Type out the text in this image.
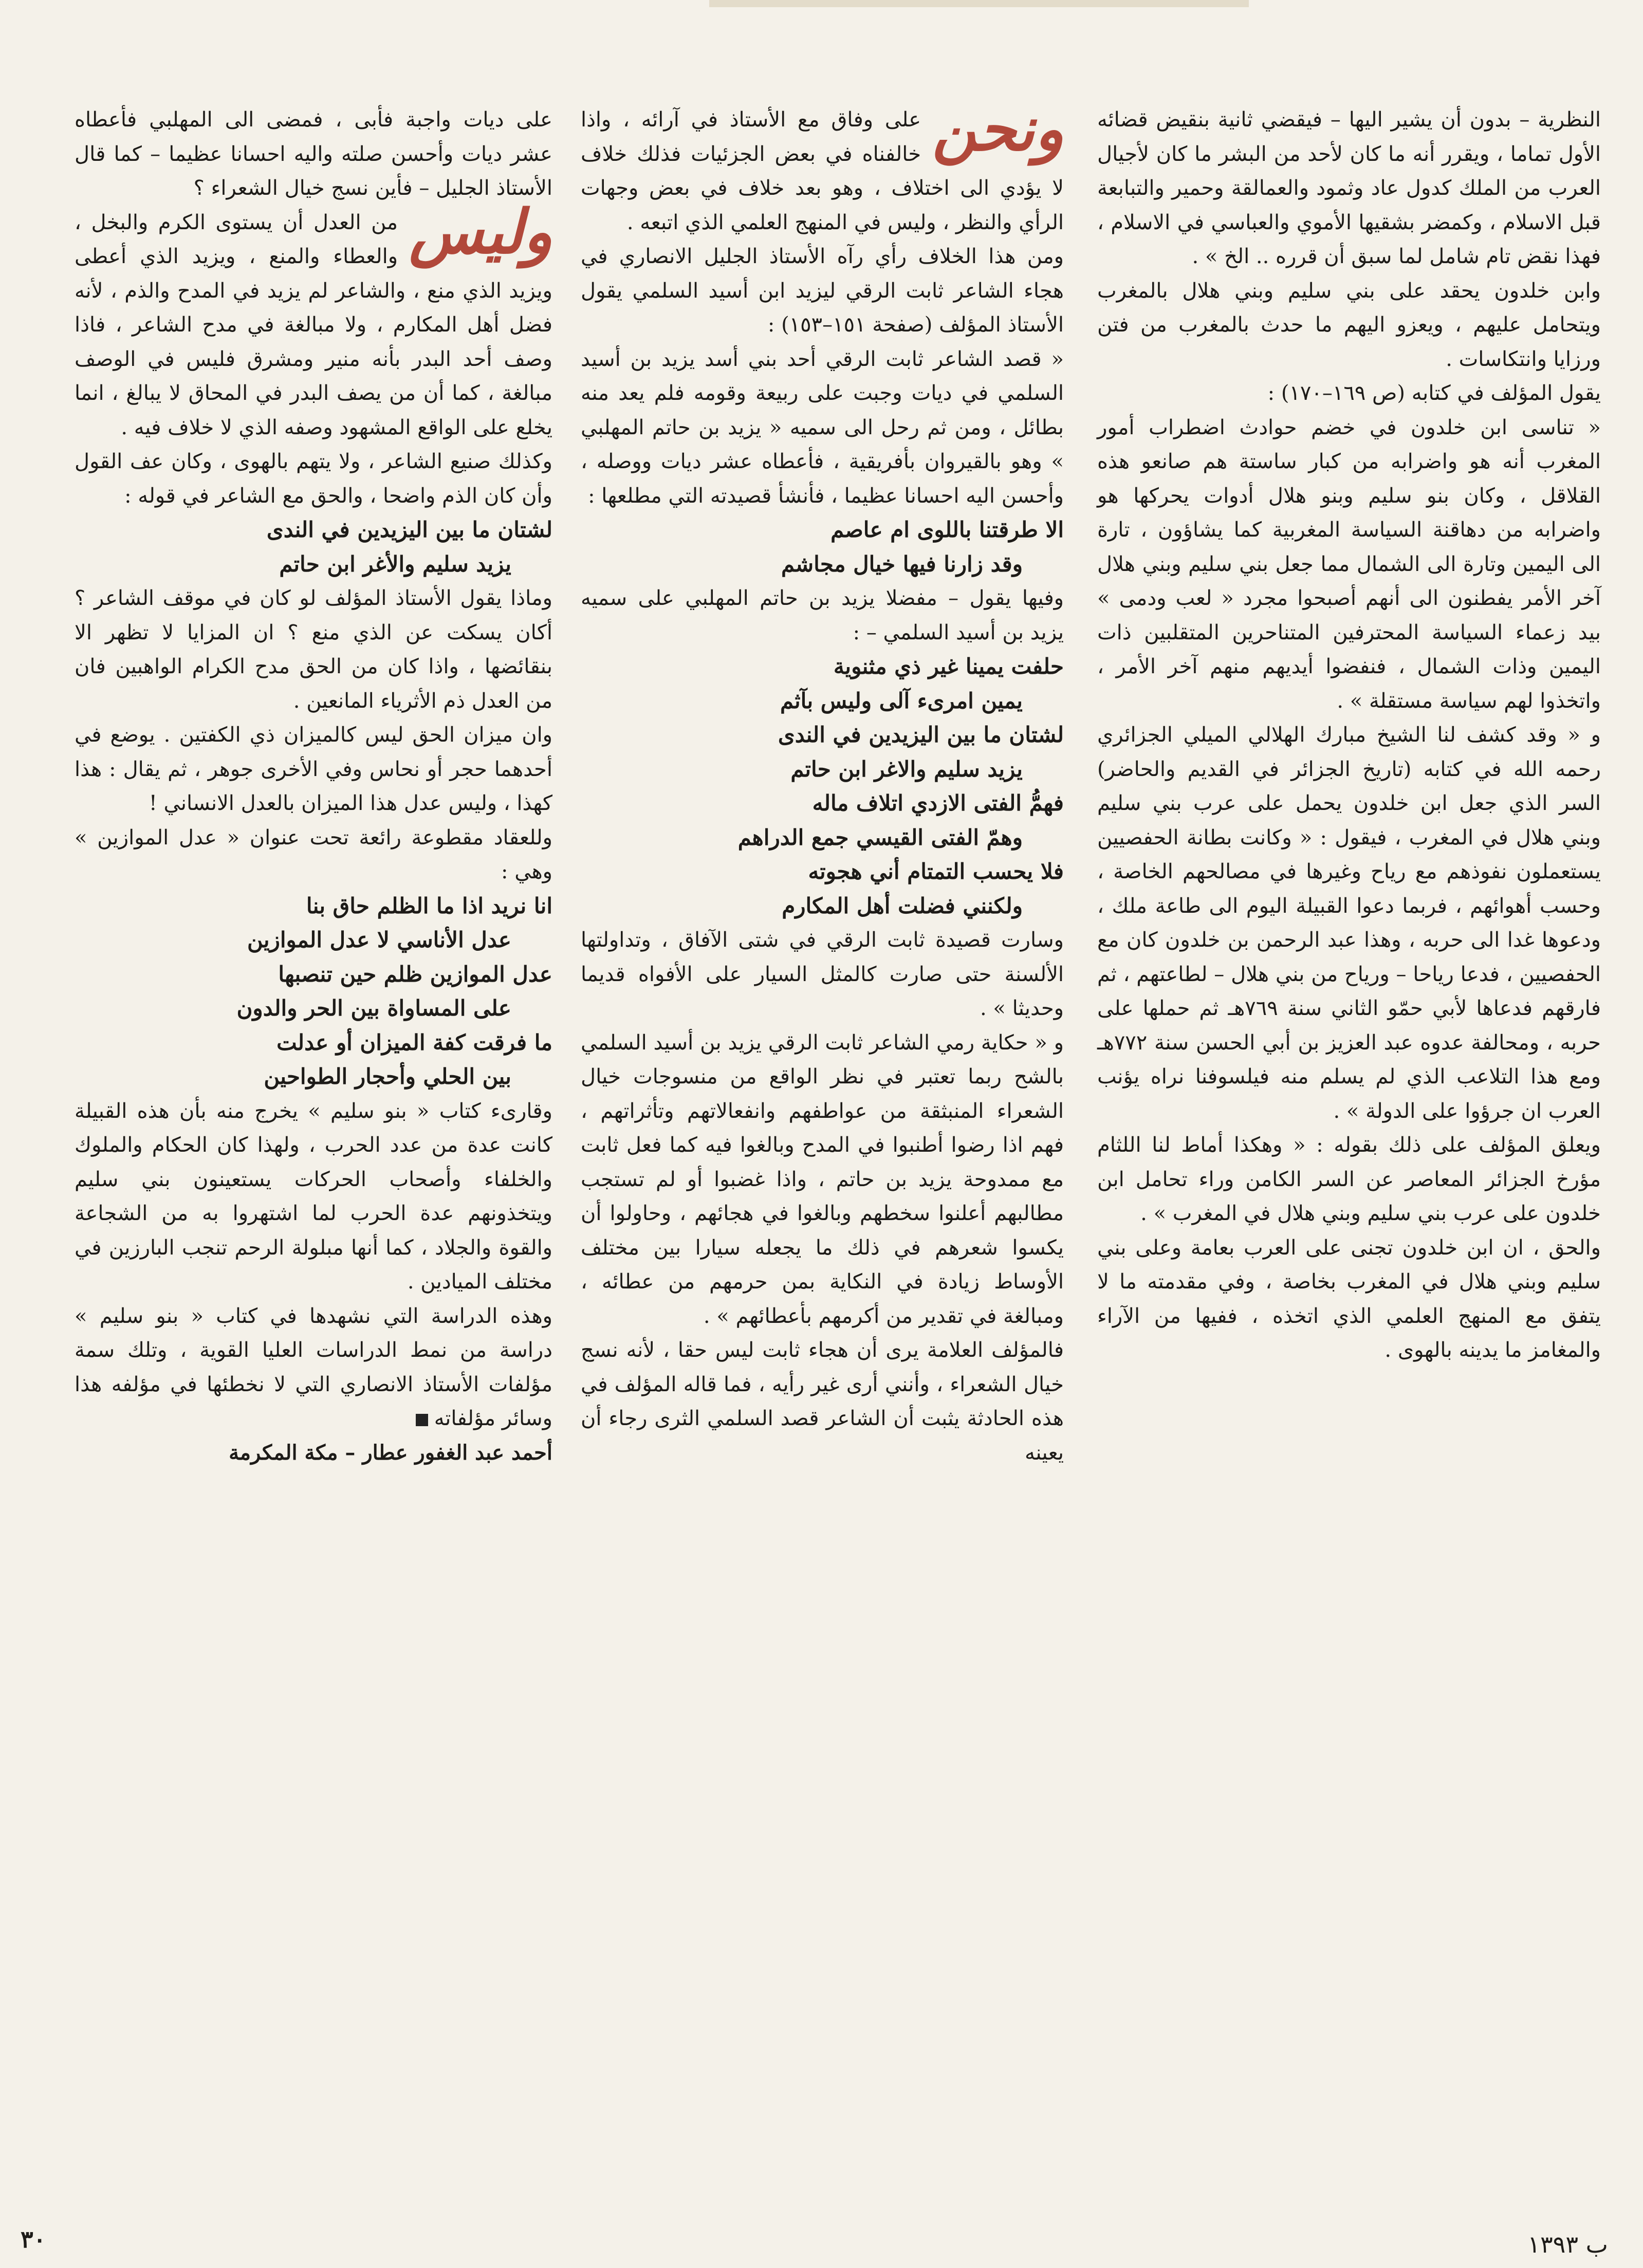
النظرية – بدون أن يشير اليها – فيقضي ثانية بنقيض قضائه الأول تماما ، ويقرر أنه ما كان لأحد من البشر ما كان لأجيال العرب من الملك كدول عاد وثمود والعمالقة وحمير والتبابعة قبل الاسلام ، وكمضر بشقيها الأموي والعباسي في الاسلام ، فهذا نقض تام شامل لما سبق أن قرره .. الخ » .

وابن خلدون يحقد على بني سليم وبني هلال بالمغرب ويتحامل عليهم ، ويعزو اليهم ما حدث بالمغرب من فتن ورزايا وانتكاسات .

يقول المؤلف في كتابه (ص ١٦٩–١٧٠) :

« تناسى ابن خلدون في خضم حوادث اضطراب أمور المغرب أنه هو واضرابه من كبار ساستة هم صانعو هذه القلاقل ، وكان بنو سليم وبنو هلال أدوات يحركها هو واضرابه من دهاقنة السياسة المغربية كما يشاؤون ، تارة الى اليمين وتارة الى الشمال مما جعل بني سليم وبني هلال آخر الأمر يفطنون الى أنهم أصبحوا مجرد « لعب ودمى » بيد زعماء السياسة المحترفين المتناحرين المتقلبين ذات اليمين وذات الشمال ، فنفضوا أيديهم منهم آخر الأمر ، واتخذوا لهم سياسة مستقلة » .

و « وقد كشف لنا الشيخ مبارك الهلالي الميلي الجزائري رحمه الله في كتابه (تاريخ الجزائر في القديم والحاضر) السر الذي جعل ابن خلدون يحمل على عرب بني سليم وبني هلال في المغرب ، فيقول : « وكانت بطانة الحفصيين يستعملون نفوذهم مع رياح وغيرها في مصالحهم الخاصة ، وحسب أهوائهم ، فربما دعوا القبيلة اليوم الى طاعة ملك ، ودعوها غدا الى حربه ، وهذا عبد الرحمن بن خلدون كان مع الحفصيين ، فدعا رياحا – ورياح من بني هلال – لطاعتهم ، ثم فارقهم فدعاها لأبي حمّو الثاني سنة ٧٦٩هـ ثم حملها على حربه ، ومحالفة عدوه عبد العزيز بن أبي الحسن سنة ٧٧٢هـ ومع هذا التلاعب الذي لم يسلم منه فيلسوفنا نراه يؤنب العرب ان جرؤوا على الدولة » .

ويعلق المؤلف على ذلك بقوله : « وهكذا أماط لنا اللثام مؤرخ الجزائر المعاصر عن السر الكامن وراء تحامل ابن خلدون على عرب بني سليم وبني هلال في المغرب » .

والحق ، ان ابن خلدون تجنى على العرب بعامة وعلى بني سليم وبني هلال في المغرب بخاصة ، وفي مقدمته ما لا يتفق مع المنهج العلمي الذي اتخذه ، ففيها من الآراء والمغامز ما يدينه بالهوى .

ونحن

على وفاق مع الأستاذ في آرائه ، واذا خالفناه في بعض الجزئيات فذلك خلاف لا يؤدي الى اختلاف ، وهو بعد خلاف في بعض وجهات الرأي والنظر ، وليس في المنهج العلمي الذي اتبعه .

ومن هذا الخلاف رأي رآه الأستاذ الجليل الانصاري في هجاء الشاعر ثابت الرقي ليزيد ابن أسيد السلمي يقول الأستاذ المؤلف (صفحة ١٥١–١٥٣) :

« قصد الشاعر ثابت الرقي أحد بني أسد يزيد بن أسيد السلمي في ديات وجبت على ربيعة وقومه فلم يعد منه بطائل ، ومن ثم رحل الى سميه « يزيد بن حاتم المهلبي » وهو بالقيروان بأفريقية ، فأعطاه عشر ديات ووصله ، وأحسن اليه احسانا عظيما ، فأنشأ قصيدته التي مطلعها :

الا طرقتنا باللوى ام عاصم

وقد زارنا فيها خيال مجاشم

وفيها يقول – مفضلا يزيد بن حاتم المهلبي على سميه يزيد بن أسيد السلمي – :

حلفت يمينا غير ذي مثنوية

يمين امرىء آلى وليس بآثم

لشتان ما بين اليزيدين في الندى

يزيد سليم والاغر ابن حاتم

فهمُّ الفتى الازدي اتلاف ماله

وهمّ الفتى القيسي جمع الدراهم

فلا يحسب التمتام أني هجوته

ولكنني فضلت أهل المكارم

وسارت قصيدة ثابت الرقي في شتى الآفاق ، وتداولتها الألسنة حتى صارت كالمثل السيار على الأفواه قديما وحديثا » .

و « حكاية رمي الشاعر ثابت الرقي يزيد بن أسيد السلمي بالشح ربما تعتبر في نظر الواقع من منسوجات خيال الشعراء المنبثقة من عواطفهم وانفعالاتهم وتأثراتهم ، فهم اذا رضوا أطنبوا في المدح وبالغوا فيه كما فعل ثابت مع ممدوحة يزيد بن حاتم ، واذا غضبوا أو لم تستجب مطالبهم أعلنوا سخطهم وبالغوا في هجائهم ، وحاولوا أن يكسوا شعرهم في ذلك ما يجعله سيارا بين مختلف الأوساط زيادة في النكاية بمن حرمهم من عطائه ، ومبالغة في تقدير من أكرمهم بأعطائهم » .

فالمؤلف العلامة يرى أن هجاء ثابت ليس حقا ، لأنه نسج خيال الشعراء ، وأنني أرى غير رأيه ، فما قاله المؤلف في هذه الحادثة يثبت أن الشاعر قصد السلمي الثرى رجاء أن يعينه

على ديات واجبة فأبى ، فمضى الى المهلبي فأعطاه عشر ديات وأحسن صلته واليه احسانا عظيما – كما قال الأستاذ الجليل – فأين نسج خيال الشعراء ؟

وليس

من العدل أن يستوى الكرم والبخل ، والعطاء والمنع ، ويزيد الذي أعطى ويزيد الذي منع ، والشاعر لم يزيد في المدح والذم ، لأنه فضل أهل المكارم ، ولا مبالغة في مدح الشاعر ، فاذا وصف أحد البدر بأنه منير ومشرق فليس في الوصف مبالغة ، كما أن من يصف البدر في المحاق لا يبالغ ، انما يخلع على الواقع المشهود وصفه الذي لا خلاف فيه .

وكذلك صنيع الشاعر ، ولا يتهم بالهوى ، وكان عف القول وأن كان الذم واضحا ، والحق مع الشاعر في قوله :

لشتان ما بين اليزيدين في الندى

يزيد سليم والأغر ابن حاتم

وماذا يقول الأستاذ المؤلف لو كان في موقف الشاعر ؟ أكان يسكت عن الذي منع ؟ ان المزايا لا تظهر الا بنقائضها ، واذا كان من الحق مدح الكرام الواهبين فان من العدل ذم الأثرياء المانعين .

وان ميزان الحق ليس كالميزان ذي الكفتين . يوضع في أحدهما حجر أو نحاس وفي الأخرى جوهر ، ثم يقال : هذا كهذا ، وليس عدل هذا الميزان بالعدل الانساني !

وللعقاد مقطوعة رائعة تحت عنوان « عدل الموازين » وهي :

انا نريد اذا ما الظلم حاق بنا

عدل الأناسي لا عدل الموازين

عدل الموازين ظلم حين تنصبها

على المساواة بين الحر والدون

ما فرقت كفة الميزان أو عدلت

بين الحلي وأحجار الطواحين

وقارىء كتاب « بنو سليم » يخرج منه بأن هذه القبيلة كانت عدة من عدد الحرب ، ولهذا كان الحكام والملوك والخلفاء وأصحاب الحركات يستعينون بني سليم ويتخذونهم عدة الحرب لما اشتهروا به من الشجاعة والقوة والجلاد ، كما أنها مبلولة الرحم تنجب البارزين في مختلف الميادين .

وهذه الدراسة التي نشهدها في كتاب « بنو سليم » دراسة من نمط الدراسات العليا القوية ، وتلك سمة مؤلفات الأستاذ الانصاري التي لا نخطئها في مؤلفه هذا وسائر مؤلفاته

أحمد عبد الغفور عطار – مكة المكرمة

٣٠	ب ١٣٩٣
